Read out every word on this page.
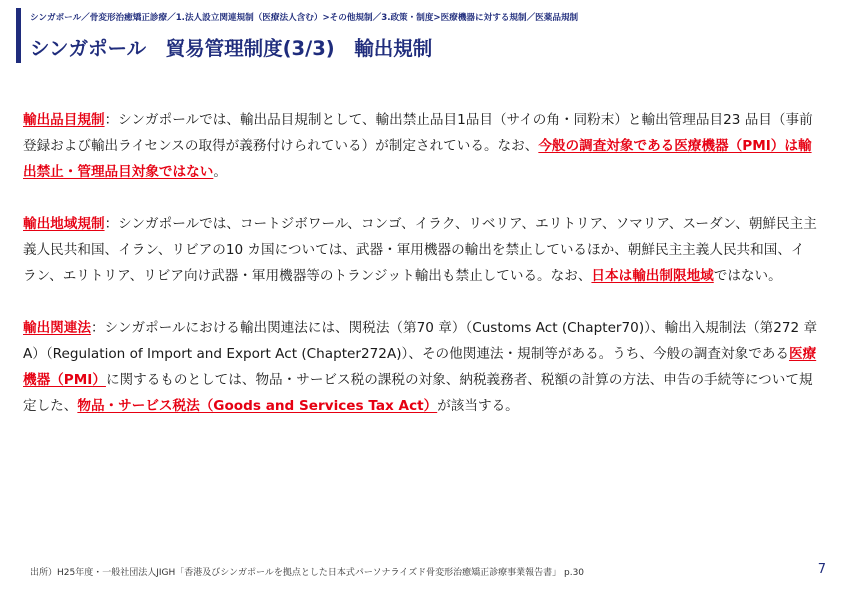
シンガポール／骨変形治癒矯正診療／1.法人設立関連規制（医療法人含む）>その他規制／3.政策・制度>医療機器に対する規制／医薬品規制
シンガポール　貿易管理制度(3/3)　輸出規制

輸出品目規制：シンガポールでは、輸出品目規制として、輸出禁止品目1品目（サイの角・同粉末）と輸出管理品目23 品目（事前登録および輸出ライセンスの取得が義務付けられている）が制定されている。なお、今般の調査対象である医療機器（PMI）は輸出禁止・管理品目対象ではない。

輸出地域規制：シンガポールでは、コートジボワール、コンゴ、イラク、リベリア、エリトリア、ソマリア、スーダン、朝鮮民主主義人民共和国、イラン、リビアの10 カ国については、武器・軍用機器の輸出を禁止しているほか、朝鮮民主主義人民共和国、イラン、エリトリア、リビア向け武器・軍用機器等のトランジット輸出も禁止している。なお、日本は輸出制限地域ではない。

輸出関連法：シンガポールにおける輸出関連法には、関税法（第70 章）（Customs Act (Chapter70)）、輸出入規制法（第272 章A）（Regulation of Import and Export Act (Chapter272A)）、その他関連法・規制等がある。うち、今般の調査対象である医療機器（PMI）に関するものとしては、物品・サービス税の課税の対象、納税義務者、税額の計算の方法、申告の手続等について規定した、物品・サービス税法（Goods and Services Tax Act）が該当する。

出所）H25年度・一般社団法人JIGH「香港及びシンガポールを拠点とした日本式パーソナライズド骨変形治癒矯正診療事業報告書」 p.30	7
